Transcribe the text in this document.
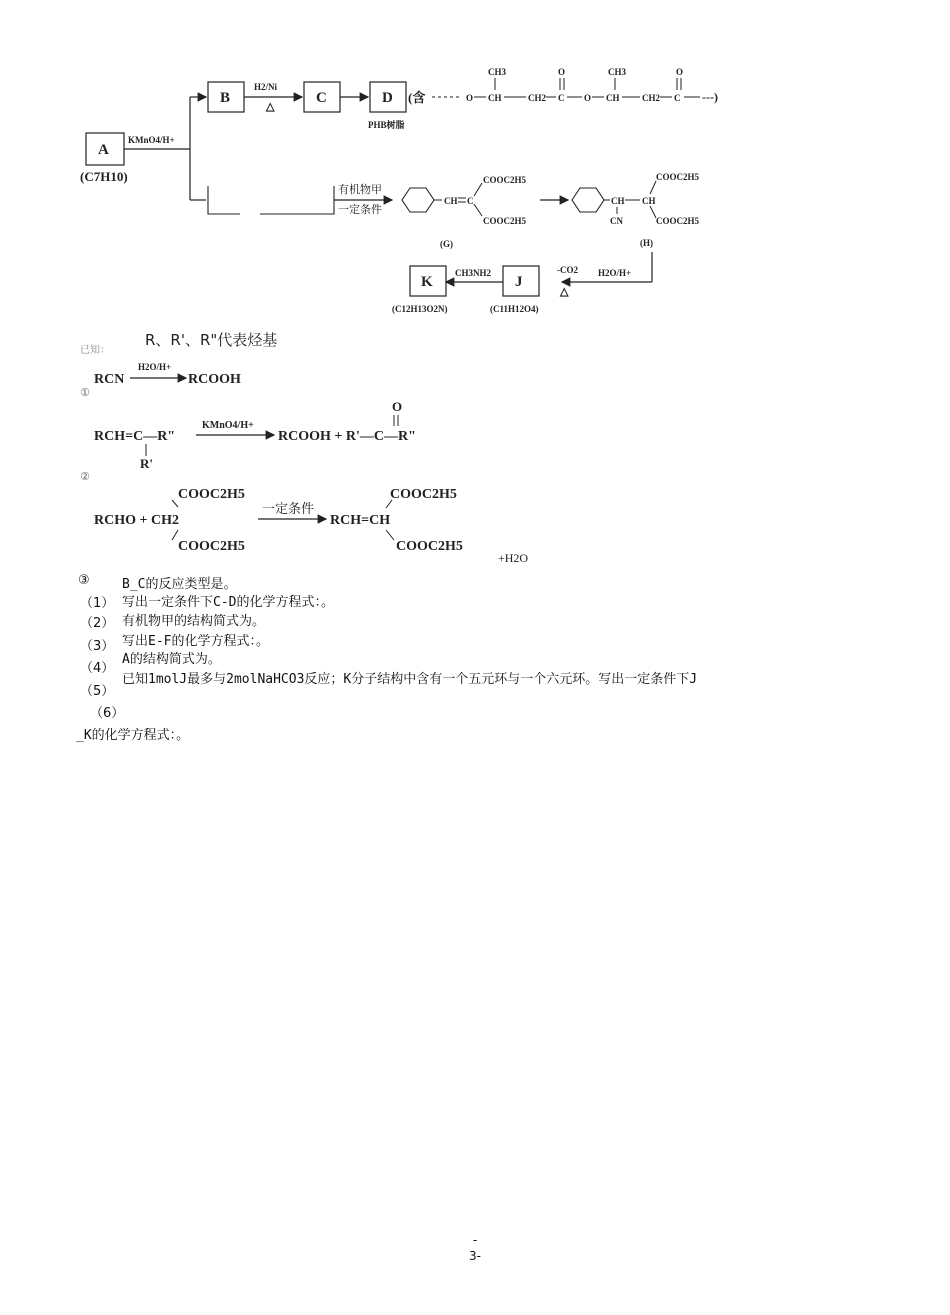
A
(C7H10)
KMnO4/H+
B
H2/Ni
△
C	D
PHB树脂
(含	O CH
CH3
CH2 C
O
O CH
CH3
CH2 C
O
---)
有机物甲
一定条件
CH C
COOC2H5
COOC2H5
(G)
CH
CN
CH
COOC2H5
COOC2H5
(H)
H2O/H+
J
(C11H12O4)
-CO2
△
CH3NH2
K
(C12H13O2N)
R、R'、R"代表烃基
已知：
RCN
H2O/H+
RCOOH
①
RCH=C—R"
R'
KMnO4/H+
RCOOH + R'—C—R"
O
②
RCHO + CH2
COOC2H5
COOC2H5
一定条件
RCH=CH
COOC2H5
COOC2H5
+H2O
③ B_C的反应类型是。
（1） 写出一定条件下C-D的化学方程式：。
（2） 有机物甲的结构简式为。
（3） 写出E-F的化学方程式：。
（4）
A的结构简式为。
（5）
已知1molJ最多与2molNaHCO3反应；K分子结构中含有一个五元环与一个六元环。写出一定条件下J
（6）
_K的化学方程式：。
-
3-
